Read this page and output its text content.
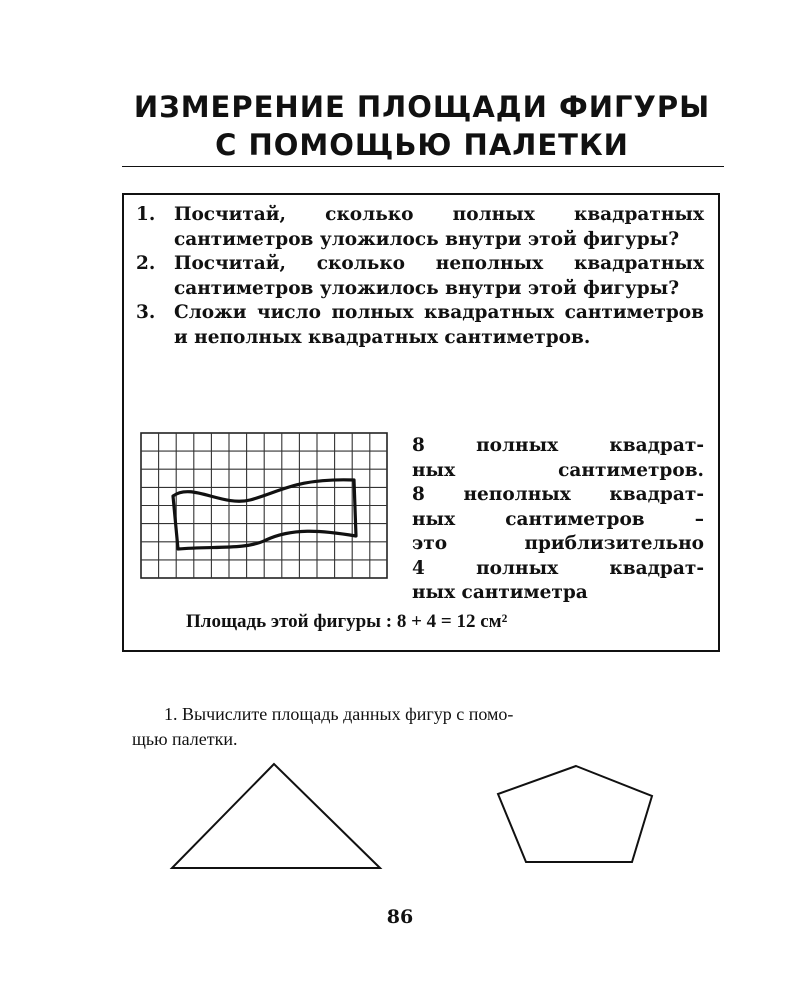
ИЗМЕРЕНИЕ ПЛОЩАДИ ФИГУРЫ
С ПОМОЩЬЮ ПАЛЕТКИ
1. Посчитай, сколько полных квадратных сантиметров уложилось внутри этой фигуры?
2. Посчитай, сколько неполных квадратных сантиметров уложилось внутри этой фигуры?
3. Сложи число полных квадратных сантиметров и неполных квадратных сантиметров.
8 полных квадрат-
ных сантиметров.
8 неполных квадрат-
ных сантиметров –
это приблизительно
4 полных квадрат-
ных сантиметра
Площадь этой фигуры : 8 + 4 = 12 см²
1. Вычислите площадь данных фигур с помо-
щью палетки.
86
